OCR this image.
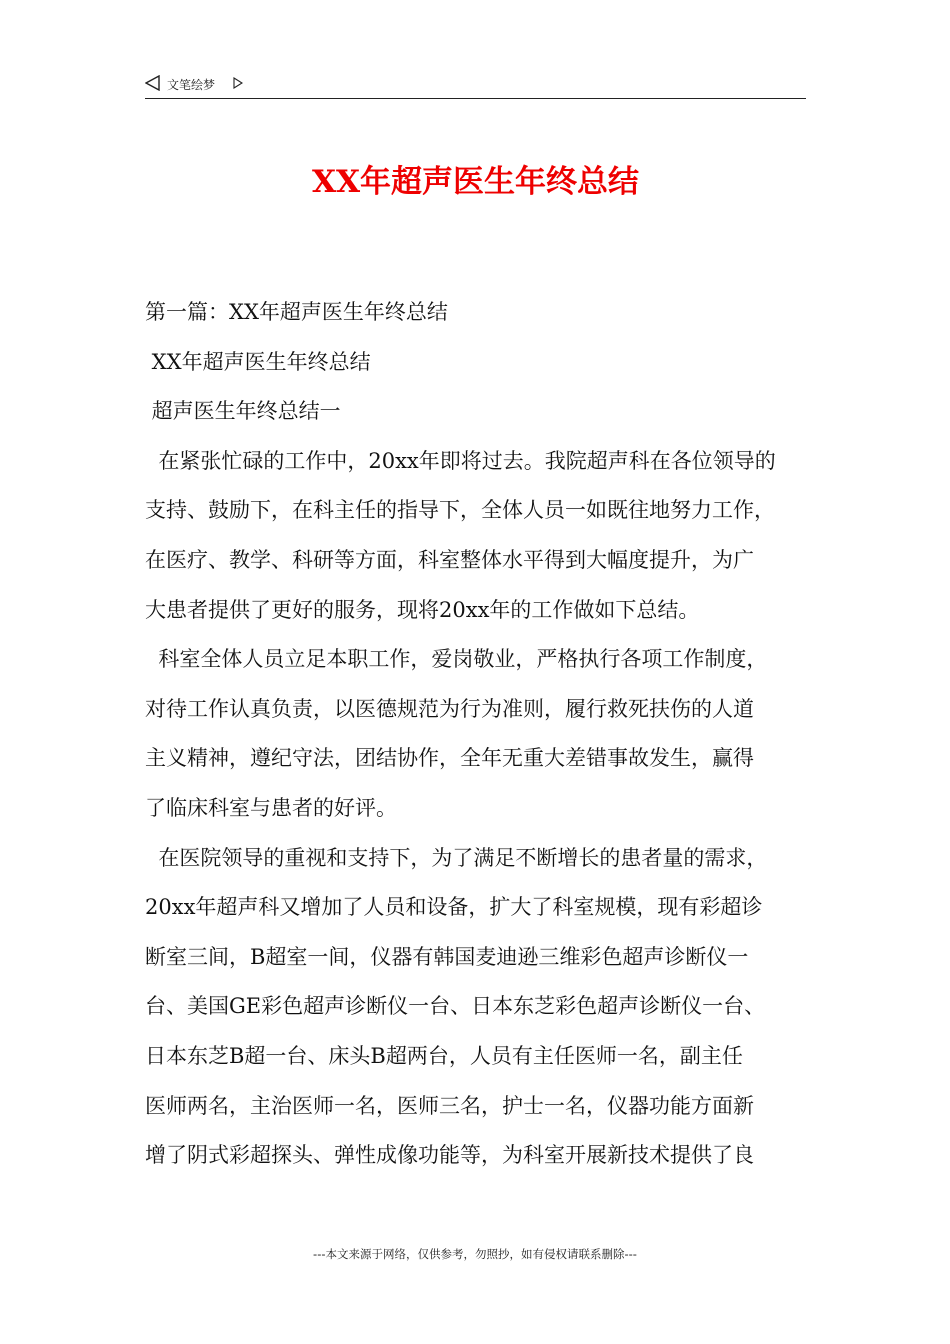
文笔绘梦
XX年超声医生年终总结
第一篇：XX年超声医生年终总结
XX年超声医生年终总结
超声医生年终总结一
在紧张忙碌的工作中，20xx年即将过去。我院超声科在各位领导的
支持、鼓励下，在科主任的指导下，全体人员一如既往地努力工作，
在医疗、教学、科研等方面，科室整体水平得到大幅度提升，为广
大患者提供了更好的服务，现将20xx年的工作做如下总结。
科室全体人员立足本职工作，爱岗敬业，严格执行各项工作制度，
对待工作认真负责，以医德规范为行为准则，履行救死扶伤的人道
主义精神，遵纪守法，团结协作，全年无重大差错事故发生，赢得
了临床科室与患者的好评。
在医院领导的重视和支持下，为了满足不断增长的患者量的需求，
20xx年超声科又增加了人员和设备，扩大了科室规模，现有彩超诊
断室三间，B超室一间，仪器有韩国麦迪逊三维彩色超声诊断仪一
台、美国GE彩色超声诊断仪一台、日本东芝彩色超声诊断仪一台、
日本东芝B超一台、床头B超两台，人员有主任医师一名，副主任
医师两名，主治医师一名，医师三名，护士一名，仪器功能方面新
增了阴式彩超探头、弹性成像功能等，为科室开展新技术提供了良
---本文来源于网络，仅供参考，勿照抄，如有侵权请联系删除---
